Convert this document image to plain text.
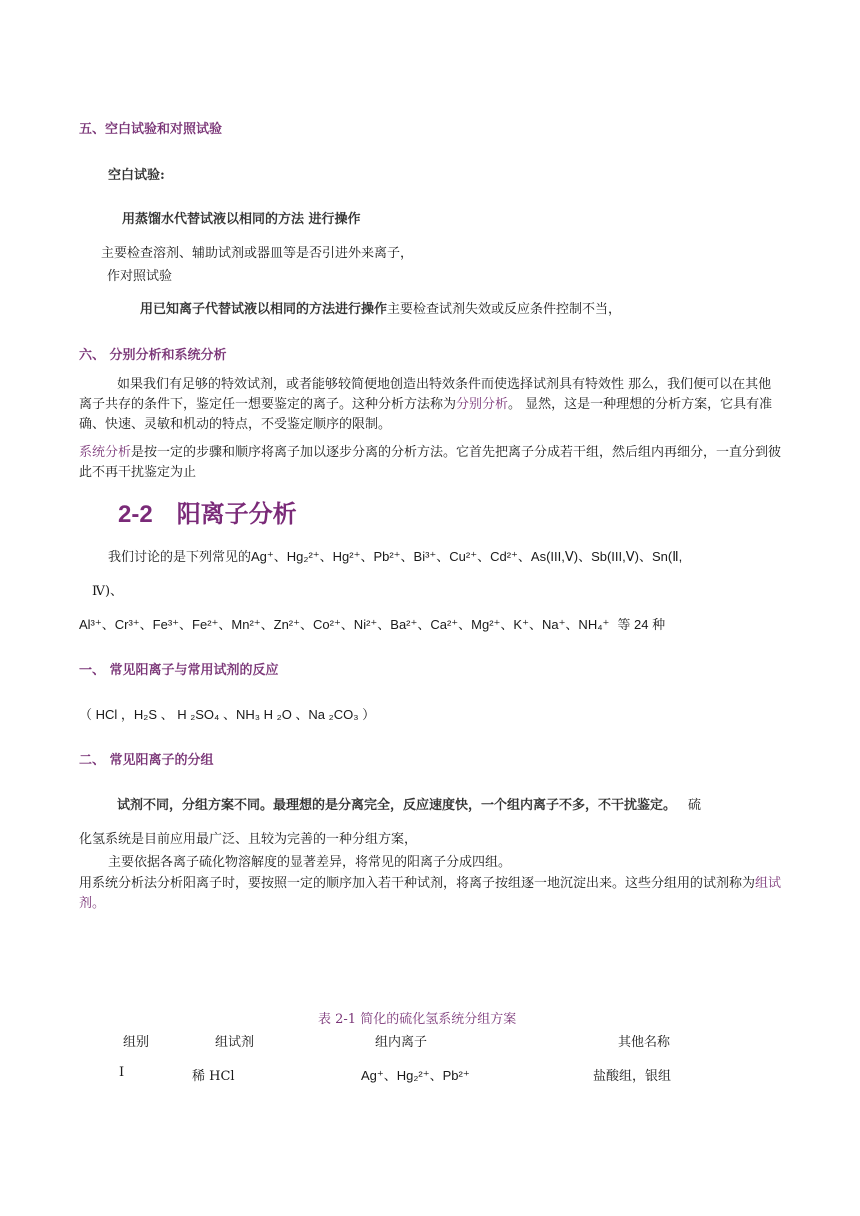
五、空白试验和对照试验
空白试验:
用蒸馏水代替试液以相同的方法 进行操作
主要检查溶剂、辅助试剂或器皿等是否引进外来离子，
作对照试验
用已知离子代替试液以相同的方法进行操作主要检查试剂失效或反应条件控制不当，
六、 分别分析和系统分析
如果我们有足够的特效试剂，或者能够较简便地创造出特效条件而使选择试剂具有特效性 那么，我们便可以在其他离子共存的条件下，鉴定任一想要鉴定的离子。这种分析方法称为分别分析。 显然，这是一种理想的分析方案，它具有准确、快速、灵敏和机动的特点，不受鉴定顺序的限制。
系统分析是按一定的步骤和顺序将离子加以逐步分离的分析方法。它首先把离子分成若干组，然后组内再细分，一直分到彼此不再干扰鉴定为止
2-2 阳离子分析
我们讨论的是下列常见的Ag⁺、Hg₂²⁺、Hg²⁺、Pb²⁺、Bi³⁺、Cu²⁺、Cd²⁺、As(III,Ⅴ)、Sb(III,Ⅴ)、Sn(Ⅱ,
Ⅳ)、
Al³⁺、Cr³⁺、Fe³⁺、Fe²⁺、Mn²⁺、Zn²⁺、Co²⁺、Ni²⁺、Ba²⁺、Ca²⁺、Mg²⁺、K⁺、Na⁺、NH₄⁺ 等 24 种
一、 常见阳离子与常用试剂的反应
（ HCl ，H₂S 、 H ₂SO₄ 、NH₃ H ₂O 、Na ₂CO₃ ）
二、 常见阳离子的分组
试剂不同，分组方案不同。最理想的是分离完全，反应速度快，一个组内离子不多，不干扰鉴定。 硫
化氢系统是目前应用最广泛、且较为完善的一种分组方案，
主要依据各离子硫化物溶解度的显著差异，将常见的阳离子分成四组。
用系统分析法分析阳离子时，要按照一定的顺序加入若干种试剂，将离子按组逐一地沉淀出来。这些分组用的试剂称为组试剂。
表 2-1 简化的硫化氢系统分组方案
组别	组试剂	组内离子	其他名称
Ⅰ	稀 HCl	Ag⁺、Hg₂²⁺、Pb²⁺	盐酸组，银组
